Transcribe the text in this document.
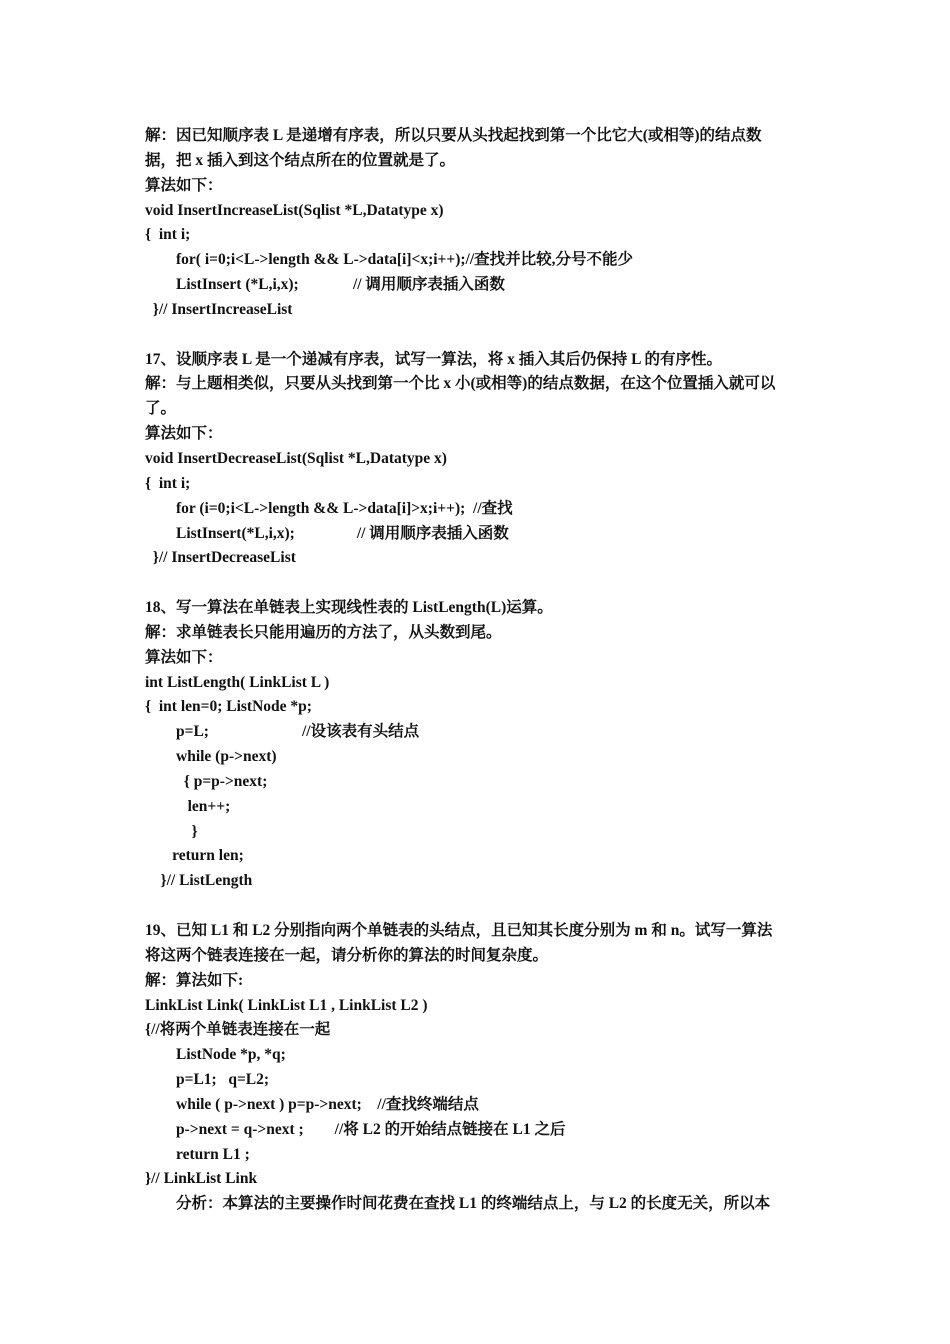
解：因已知顺序表 L 是递增有序表，所以只要从头找起找到第一个比它大(或相等)的结点数
据，把 x 插入到这个结点所在的位置就是了。
算法如下：
void InsertIncreaseList(Sqlist *L,Datatype x)
{  int i;
for( i=0;i<L->length && L->data[i]<x;i++);//查找并比较,分号不能少
ListInsert (*L,i,x);              // 调用顺序表插入函数
}// InsertIncreaseList
17、设顺序表 L 是一个递减有序表，试写一算法，将 x 插入其后仍保持 L 的有序性。
解：与上题相类似，只要从头找到第一个比 x 小(或相等)的结点数据，在这个位置插入就可以
了。
算法如下：
void InsertDecreaseList(Sqlist *L,Datatype x)
{  int i;
for (i=0;i<L->length && L->data[i]>x;i++);  //查找
ListInsert(*L,i,x);                // 调用顺序表插入函数
}// InsertDecreaseList
18、写一算法在单链表上实现线性表的 ListLength(L)运算。
解：求单链表长只能用遍历的方法了，从头数到尾。
算法如下：
int ListLength( LinkList L )
{  int len=0; ListNode *p;
p=L;                        //设该表有头结点
while (p->next)
{ p=p->next;
len++;
}
return len;
}// ListLength
19、已知 L1 和 L2 分别指向两个单链表的头结点，且已知其长度分别为 m 和 n。试写一算法
将这两个链表连接在一起，请分析你的算法的时间复杂度。
解：算法如下:
LinkList Link( LinkList L1 , LinkList L2 )
{//将两个单链表连接在一起
ListNode *p, *q;
p=L1;   q=L2;
while ( p->next ) p=p->next;    //查找终端结点
p->next = q->next ;        //将 L2 的开始结点链接在 L1 之后
return L1 ;
}// LinkList Link
分析：本算法的主要操作时间花费在查找 L1 的终端结点上，与 L2 的长度无关，所以本
